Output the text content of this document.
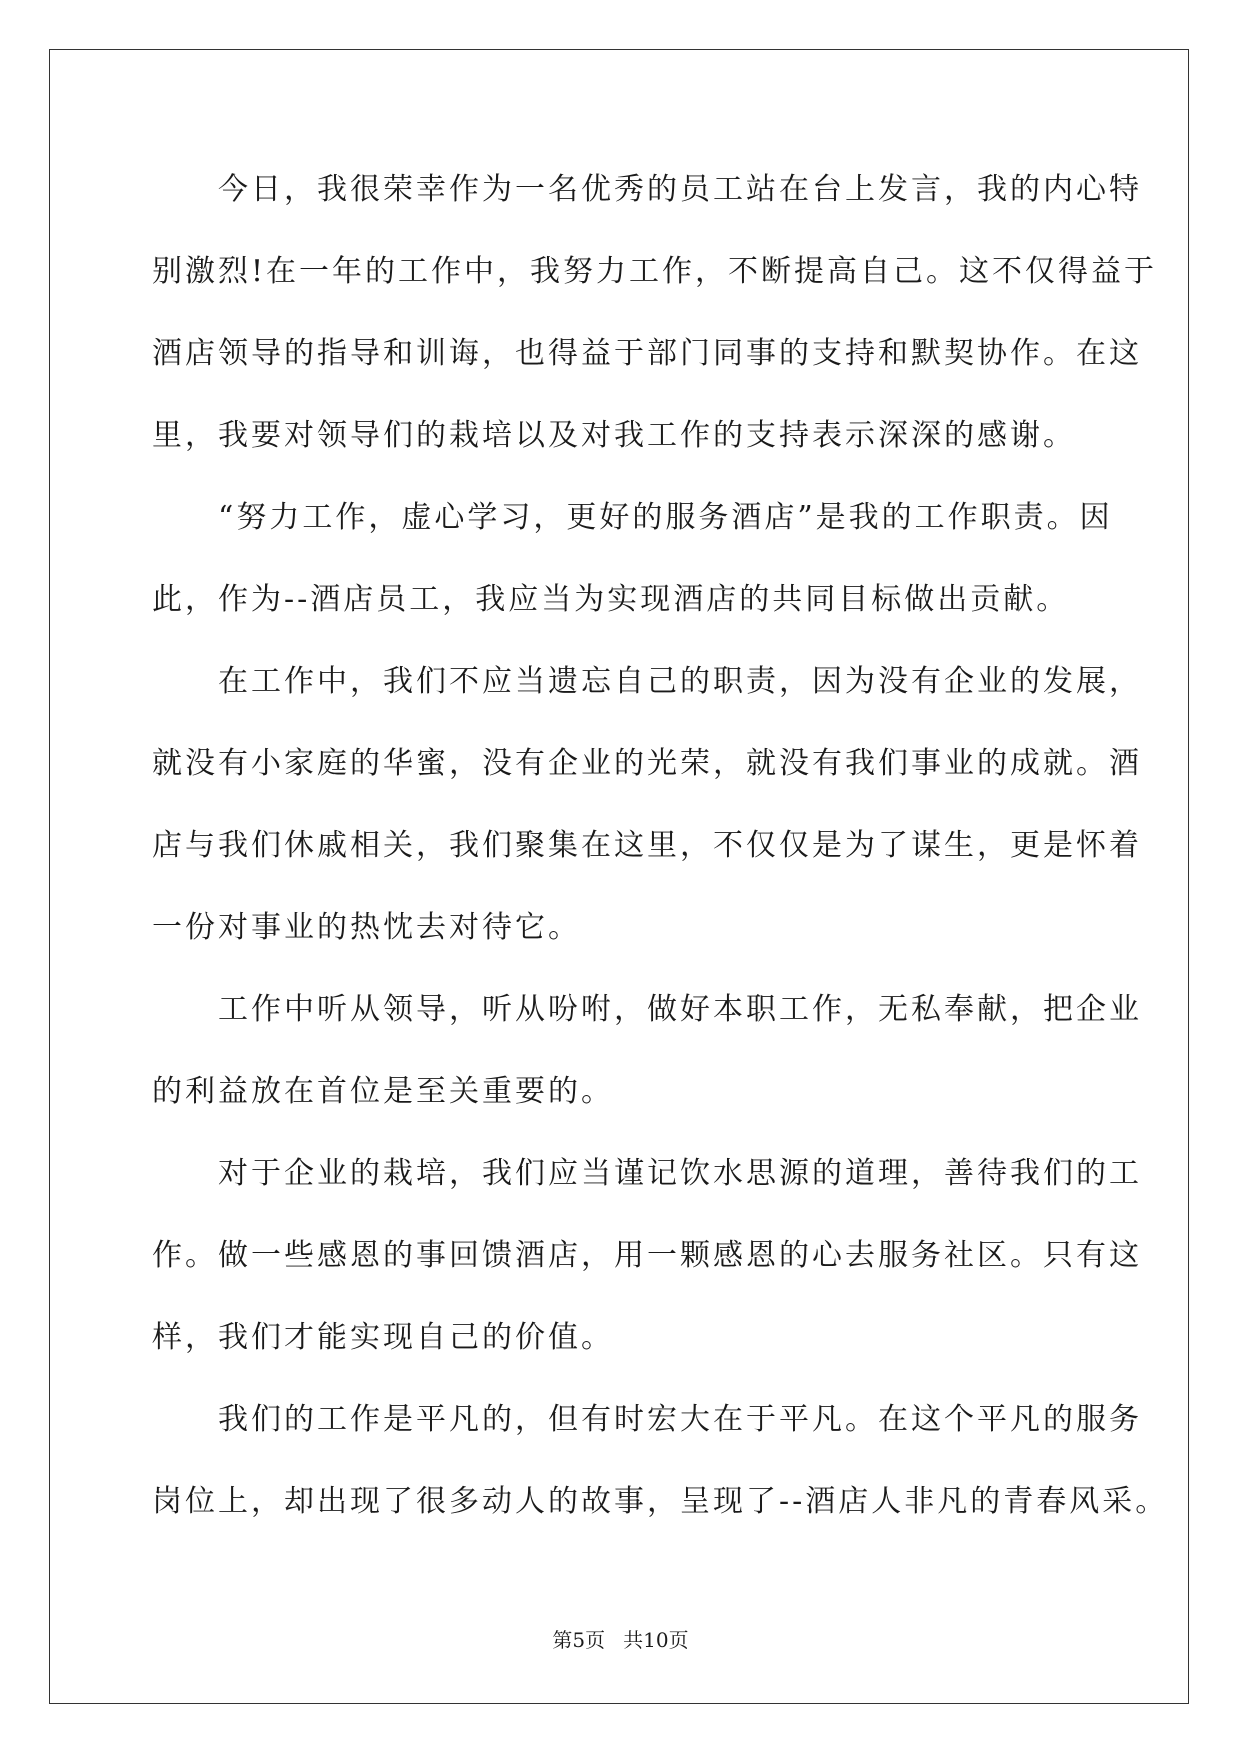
今日，我很荣幸作为一名优秀的员工站在台上发言，我的内心特
别激烈!在一年的工作中，我努力工作，不断提高自己。这不仅得益于
酒店领导的指导和训诲，也得益于部门同事的支持和默契协作。在这
里，我要对领导们的栽培以及对我工作的支持表示深深的感谢。
“努力工作，虚心学习，更好的服务酒店”是我的工作职责。因
此，作为--酒店员工，我应当为实现酒店的共同目标做出贡献。
在工作中，我们不应当遗忘自己的职责，因为没有企业的发展，
就没有小家庭的华蜜，没有企业的光荣，就没有我们事业的成就。酒
店与我们休戚相关，我们聚集在这里，不仅仅是为了谋生，更是怀着
一份对事业的热忱去对待它。
工作中听从领导，听从吩咐，做好本职工作，无私奉献，把企业
的利益放在首位是至关重要的。
对于企业的栽培，我们应当谨记饮水思源的道理，善待我们的工
作。做一些感恩的事回馈酒店，用一颗感恩的心去服务社区。只有这
样，我们才能实现自己的价值。
我们的工作是平凡的，但有时宏大在于平凡。在这个平凡的服务
岗位上，却出现了很多动人的故事，呈现了--酒店人非凡的青春风采。
第5页 共10页
